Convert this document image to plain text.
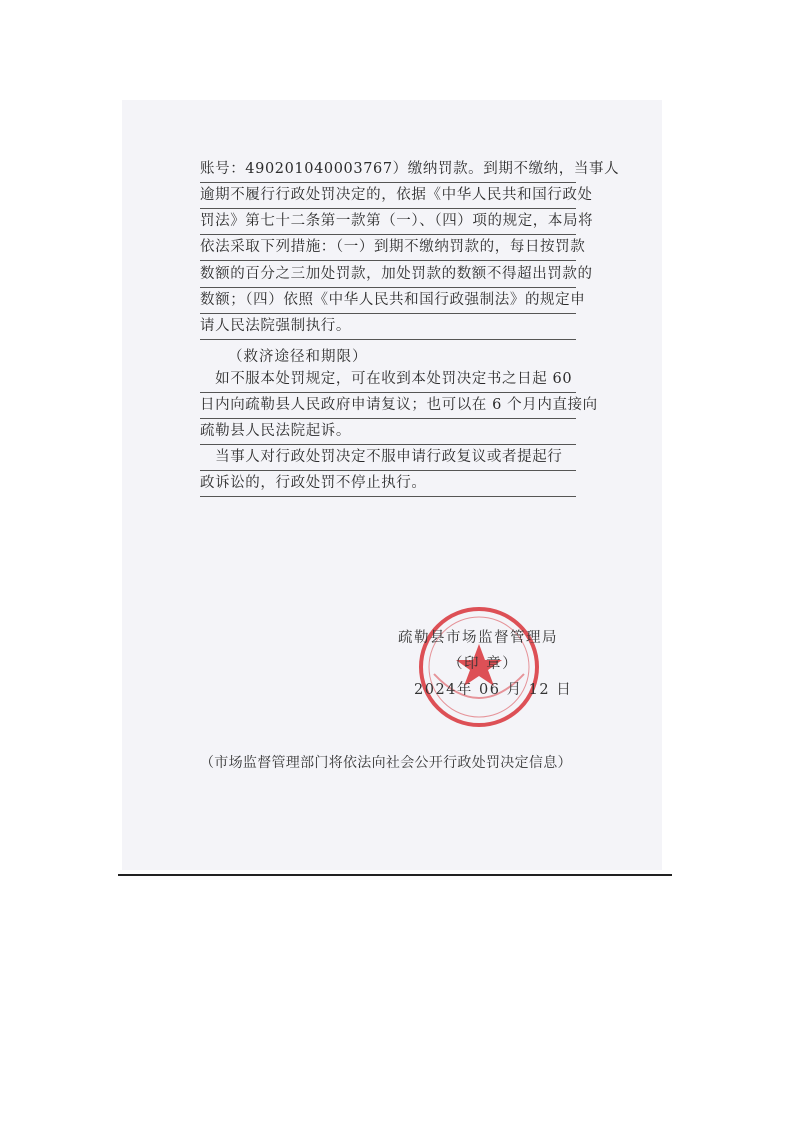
账号：490201040003767）缴纳罚款。到期不缴纳，当事人
逾期不履行行政处罚决定的，依据《中华人民共和国行政处
罚法》第七十二条第一款第（一）、（四）项的规定，本局将
依法采取下列措施：（一）到期不缴纳罚款的，每日按罚款
数额的百分之三加处罚款，加处罚款的数额不得超出罚款的
数额；（四）依照《中华人民共和国行政强制法》的规定申
请人民法院强制执行。
（救济途径和期限）
　如不服本处罚规定，可在收到本处罚决定书之日起 60
日内向疏勒县人民政府申请复议；也可以在 6 个月内直接向
疏勒县人民法院起诉。
　当事人对行政处罚决定不服申请行政复议或者提起行
政诉讼的，行政处罚不停止执行。
疏勒县市场监督管理局
（印 章）
2024年 06 月 12 日
（市场监督管理部门将依法向社会公开行政处罚决定信息）
